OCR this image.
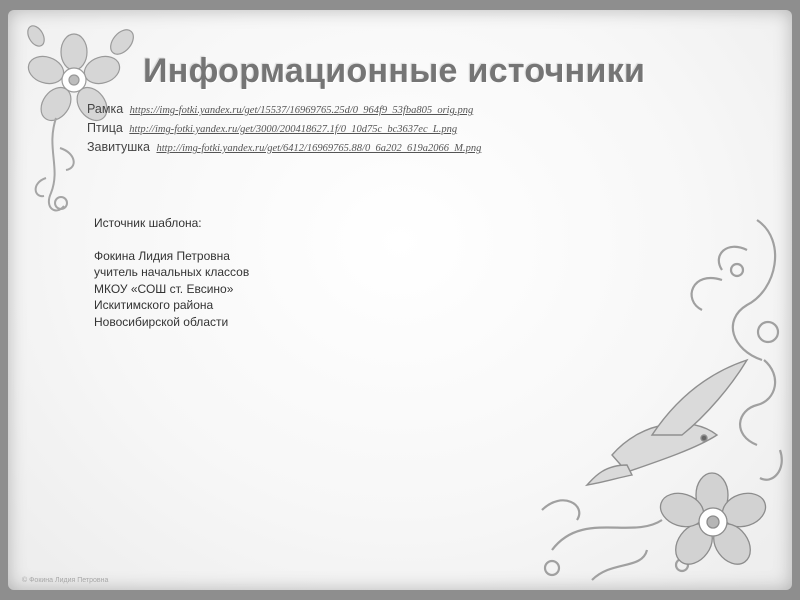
Информационные источники
Рамка https://img-fotki.yandex.ru/get/15537/16969765.25d/0_964f9_53fba805_orig.png
Птица http://img-fotki.yandex.ru/get/3000/200418627.1f/0_10d75c_bc3637ec_L.png
Завитушка http://img-fotki.yandex.ru/get/6412/16969765.88/0_6a202_619a2066_M.png
Источник шаблона:
Фокина Лидия Петровна
учитель начальных классов
МКОУ «СОШ ст. Евсино»
Искитимского района
Новосибирской области
© Фокина Лидия Петровна
